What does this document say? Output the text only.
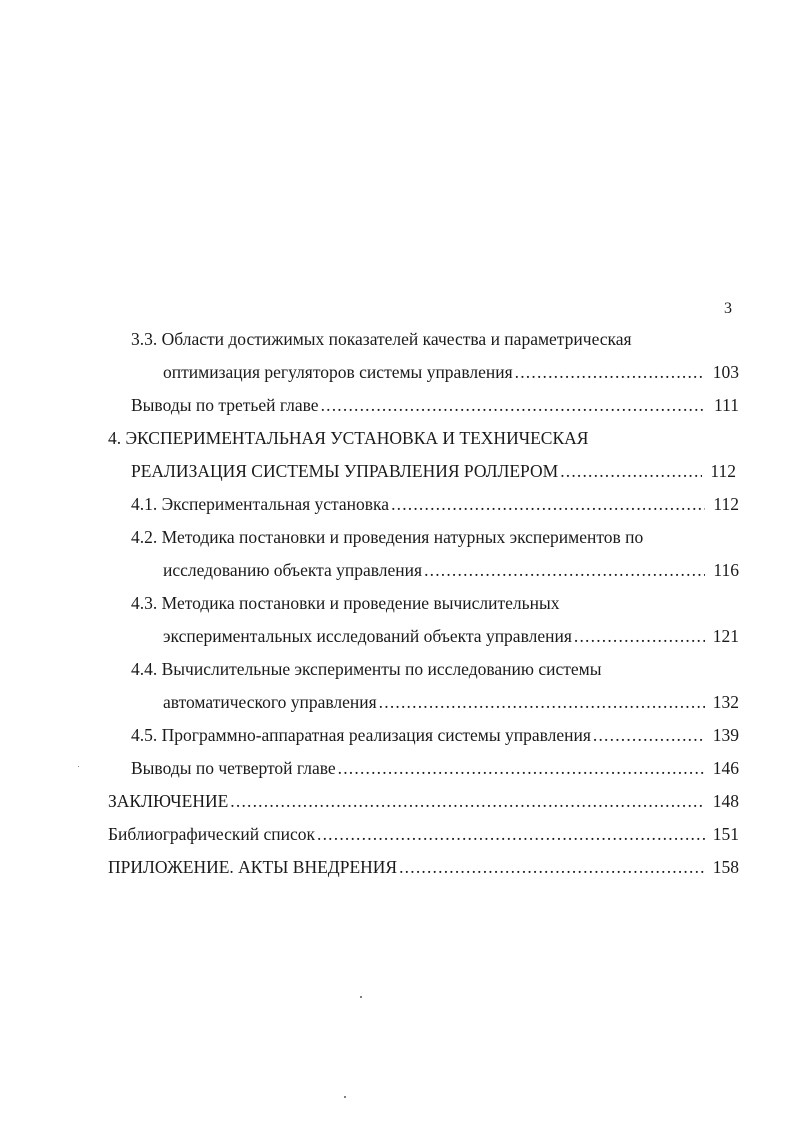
3
3.3. Области достижимых показателей качества и параметрическая
оптимизация регуляторов системы управления .....	103
Выводы по третьей главе .....	111
4. ЭКСПЕРИМЕНТАЛЬНАЯ УСТАНОВКА И ТЕХНИЧЕСКАЯ
РЕАЛИЗАЦИЯ СИСТЕМЫ УПРАВЛЕНИЯ РОЛЛЕРОМ .....	112
4.1. Экспериментальная установка .....	112
4.2. Методика постановки и проведения натурных экспериментов по
исследованию объекта управления .....	116
4.3. Методика постановки и проведение вычислительных
экспериментальных исследований объекта управления .....	121
4.4. Вычислительные эксперименты по исследованию системы
автоматического управления .....	132
4.5. Программно-аппаратная реализация системы управления .....	139
Выводы по четвертой главе .....	146
ЗАКЛЮЧЕНИЕ .....	148
Библиографический список .....	151
ПРИЛОЖЕНИЕ. АКТЫ ВНЕДРЕНИЯ .....	158
